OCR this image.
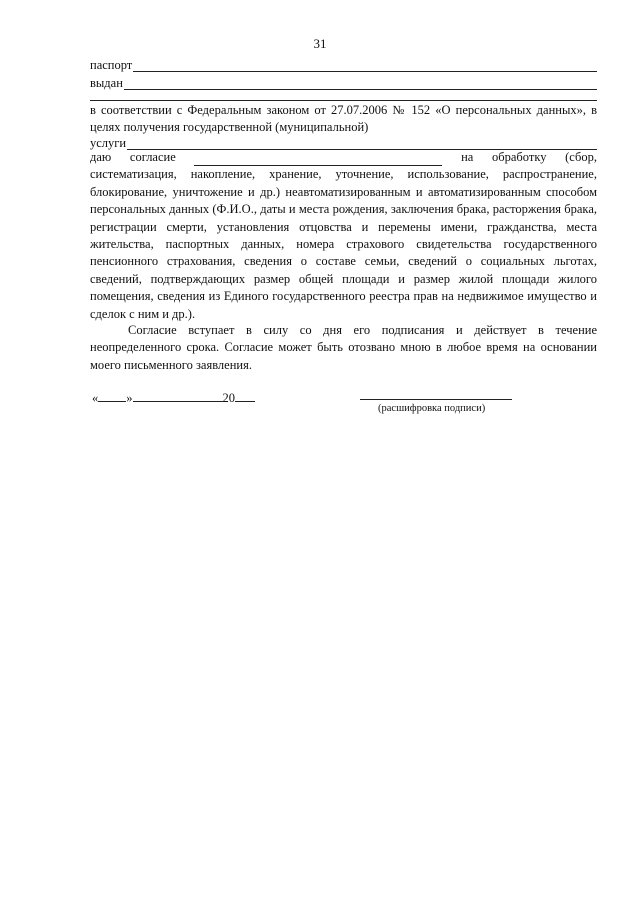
31
паспорт
выдан

в соответствии с Федеральным законом от 27.07.2006 № 152 «О персональных данных», в целях получения государственной (муниципальной)

услуги
даю согласие	на обработку (сбор,

систематизация, накопление, хранение, уточнение, использование, распространение, блокирование, уничтожение и др.) неавтоматизированным и автоматизированным способом персональных данных (Ф.И.О., даты и места рождения, заключения брака, расторжения брака, регистрации смерти, установления отцовства и перемены имени, гражданства, места жительства, паспортных данных, номера страхового свидетельства государственного пенсионного страхования, сведения о составе семьи, сведений о социальных льготах, сведений, подтверждающих размер общей площади и размер жилой площади жилого помещения, сведения из Единого государственного реестра прав на недвижимое имущество и сделок с ним и др.).

Согласие вступает в силу со дня его подписания и действует в течение неопределенного срока. Согласие может быть отозвано мною в любое время на основании моего письменного заявления.

« »	20
(расшифровка подписи)
